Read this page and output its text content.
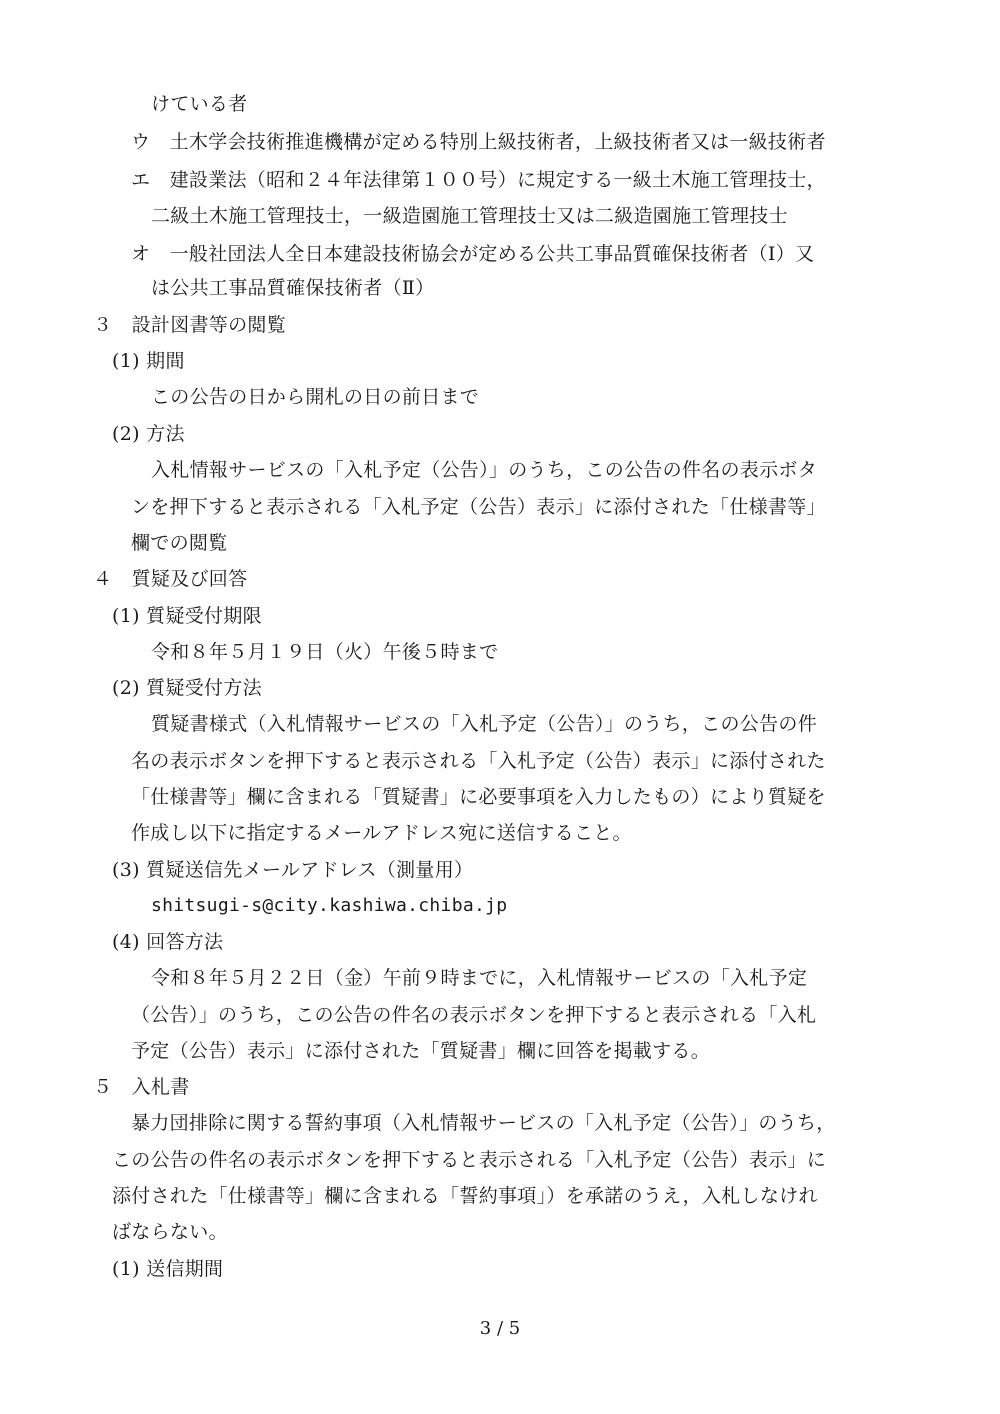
けている者
ウ　土木学会技術推進機構が定める特別上級技術者，上級技術者又は一級技術者
エ　建設業法（昭和２４年法律第１００号）に規定する一級土木施工管理技士，
二級土木施工管理技士，一級造園施工管理技士又は二級造園施工管理技士
オ　一般社団法人全日本建設技術協会が定める公共工事品質確保技術者（Ⅰ）又
は公共工事品質確保技術者（Ⅱ）
３　設計図書等の閲覧
(1) 期間
この公告の日から開札の日の前日まで
(2) 方法
入札情報サービスの「入札予定（公告）」のうち，この公告の件名の表示ボタ
ンを押下すると表示される「入札予定（公告）表示」に添付された「仕様書等」
欄での閲覧
４　質疑及び回答
(1) 質疑受付期限
令和８年５月１９日（火）午後５時まで
(2) 質疑受付方法
質疑書様式（入札情報サービスの「入札予定（公告）」のうち，この公告の件
名の表示ボタンを押下すると表示される「入札予定（公告）表示」に添付された
「仕様書等」欄に含まれる「質疑書」に必要事項を入力したもの）により質疑を
作成し以下に指定するメールアドレス宛に送信すること。
(3) 質疑送信先メールアドレス（測量用）
shitsugi-s@city.kashiwa.chiba.jp
(4) 回答方法
令和８年５月２２日（金）午前９時までに，入札情報サービスの「入札予定
（公告）」のうち，この公告の件名の表示ボタンを押下すると表示される「入札
予定（公告）表示」に添付された「質疑書」欄に回答を掲載する。
５　入札書
暴力団排除に関する誓約事項（入札情報サービスの「入札予定（公告）」のうち，
この公告の件名の表示ボタンを押下すると表示される「入札予定（公告）表示」に
添付された「仕様書等」欄に含まれる「誓約事項」）を承諾のうえ，入札しなけれ
ばならない。
(1) 送信期間
3 / 5
